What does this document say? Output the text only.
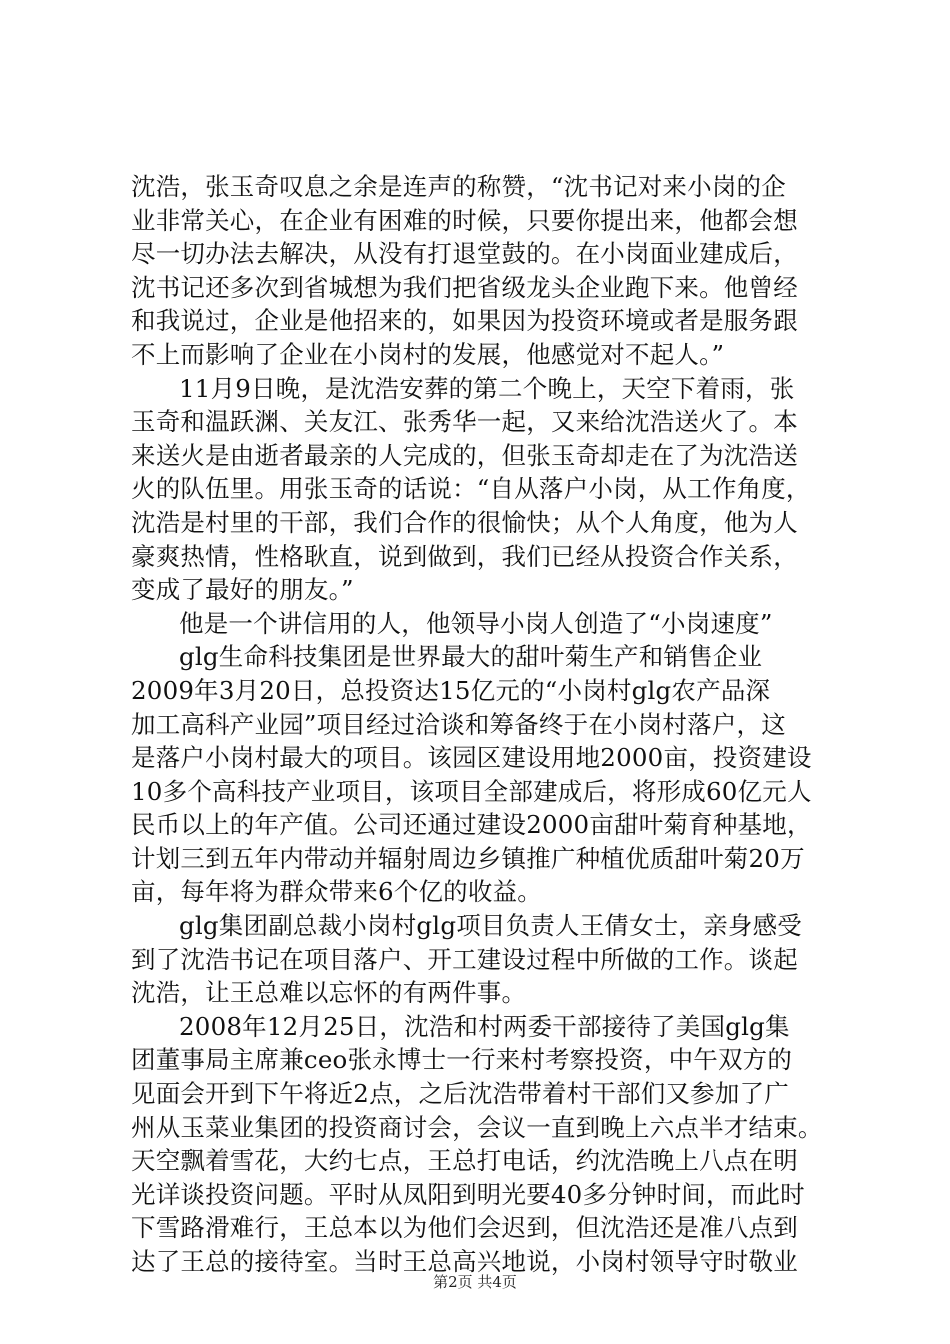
沈浩，张玉奇叹息之余是连声的称赞，“沈书记对来小岗的企
业非常关心，在企业有困难的时候，只要你提出来，他都会想
尽一切办法去解决，从没有打退堂鼓的。在小岗面业建成后，
沈书记还多次到省城想为我们把省级龙头企业跑下来。他曾经
和我说过，企业是他招来的，如果因为投资环境或者是服务跟
不上而影响了企业在小岗村的发展，他感觉对不起人。”
11月9日晚，是沈浩安葬的第二个晚上，天空下着雨，张
玉奇和温跃渊、关友江、张秀华一起，又来给沈浩送火了。本
来送火是由逝者最亲的人完成的，但张玉奇却走在了为沈浩送
火的队伍里。用张玉奇的话说：“自从落户小岗，从工作角度，
沈浩是村里的干部，我们合作的很愉快；从个人角度，他为人
豪爽热情，性格耿直，说到做到，我们已经从投资合作关系，
变成了最好的朋友。”
他是一个讲信用的人，他领导小岗人创造了“小岗速度”
glg生命科技集团是世界最大的甜叶菊生产和销售企业
2009年3月20日，总投资达15亿元的“小岗村glg农产品深
加工高科产业园”项目经过洽谈和筹备终于在小岗村落户，这
是落户小岗村最大的项目。该园区建设用地2000亩，投资建设
10多个高科技产业项目，该项目全部建成后，将形成60亿元人
民币以上的年产值。公司还通过建设2000亩甜叶菊育种基地，
计划三到五年内带动并辐射周边乡镇推广种植优质甜叶菊20万
亩，每年将为群众带来6个亿的收益。
glg集团副总裁小岗村glg项目负责人王倩女士，亲身感受
到了沈浩书记在项目落户、开工建设过程中所做的工作。谈起
沈浩，让王总难以忘怀的有两件事。
2008年12月25日，沈浩和村两委干部接待了美国glg集
团董事局主席兼ceo张永博士一行来村考察投资，中午双方的
见面会开到下午将近2点，之后沈浩带着村干部们又参加了广
州从玉菜业集团的投资商讨会，会议一直到晚上六点半才结束。
天空飘着雪花，大约七点，王总打电话，约沈浩晚上八点在明
光详谈投资问题。平时从凤阳到明光要40多分钟时间，而此时
下雪路滑难行，王总本以为他们会迟到，但沈浩还是准八点到
达了王总的接待室。当时王总高兴地说，小岗村领导守时敬业
第2页 共4页
